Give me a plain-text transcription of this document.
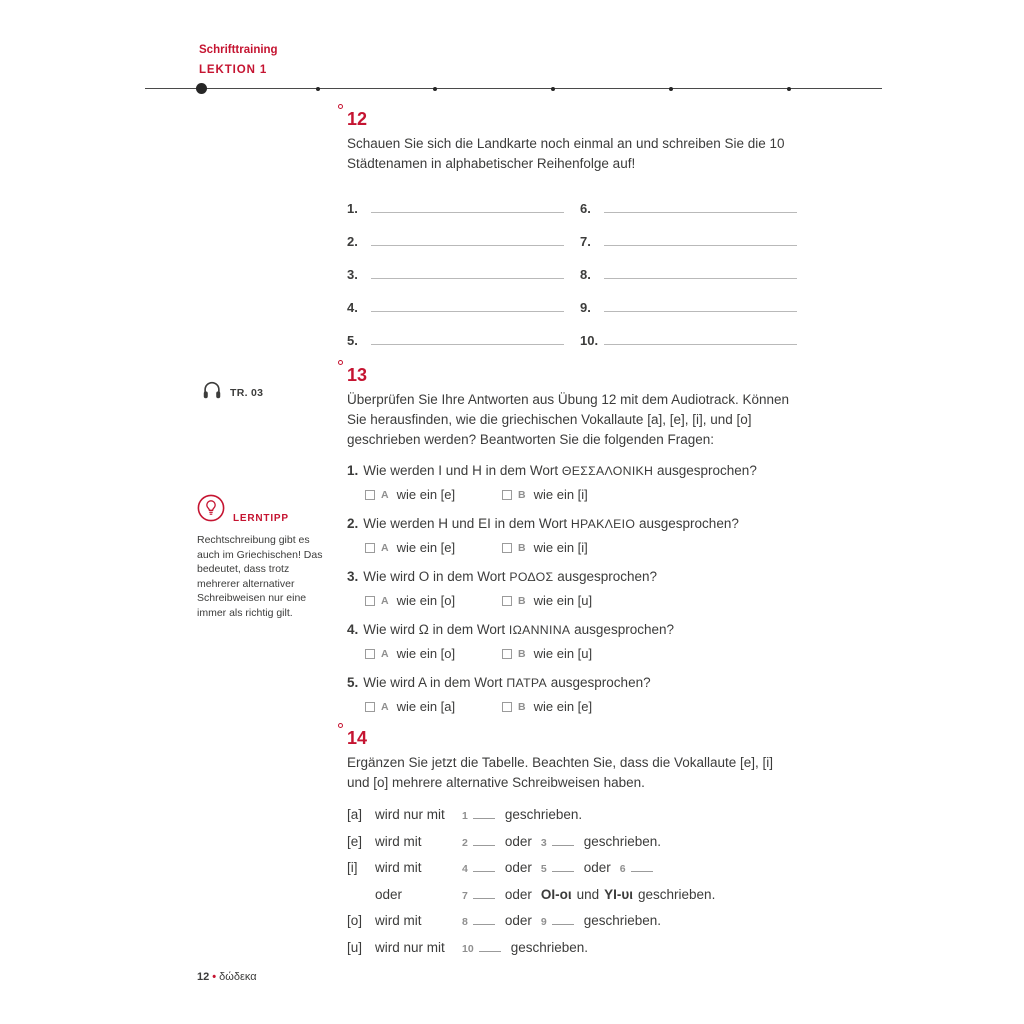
Schrifttraining
LEKTION 1
TR. 03
LERNTIPP
Rechtschreibung gibt es auch im Griechischen! Das bedeutet, dass trotz mehrerer alternativer Schreibweisen nur eine immer als richtig gilt.
12

Schauen Sie sich die Landkarte noch einmal an und schreiben Sie die 10 Städtenamen in alphabetischer Reihenfolge auf!

1.
2.
3.
4.
5.
6.
7.
8.
9.
10.
13

Überprüfen Sie Ihre Antworten aus Übung 12 mit dem Audiotrack. Können Sie herausfinden, wie die griechischen Vokallaute [a], [e], [i], und [o] geschrieben werden? Beantworten Sie die folgenden Fragen:

1. Wie werden I und H in dem Wort ΘΕΣΣΑΛΟΝΙΚΗ ausgesprochen?
A wie ein [e]	B wie ein [i]
2. Wie werden H und EI in dem Wort ΗΡΑΚΛΕΙΟ ausgesprochen?
A wie ein [e]	B wie ein [i]
3. Wie wird O in dem Wort ΡΟΔΟΣ ausgesprochen?
A wie ein [o]	B wie ein [u]
4. Wie wird Ω in dem Wort ΙΩΑΝΝΙΝΑ ausgesprochen?
A wie ein [o]	B wie ein [u]
5. Wie wird A in dem Wort ΠΑΤΡΑ ausgesprochen?
A wie ein [a]	B wie ein [e]
14

Ergänzen Sie jetzt die Tabelle. Beachten Sie, dass die Vokallaute [e], [i] und [o] mehrere alternative Schreibweisen haben.

[a] wird nur mit	1	geschrieben.
[e] wird mit	2	oder 3	geschrieben.
[i]	wird mit	4	oder 5	oder 6
oder	7	oder ΟΙ-οι und ΥΙ-υι geschrieben.
[o] wird mit	8	oder 9	geschrieben.
[u] wird nur mit	10	geschrieben.
12 • δώδεκα
